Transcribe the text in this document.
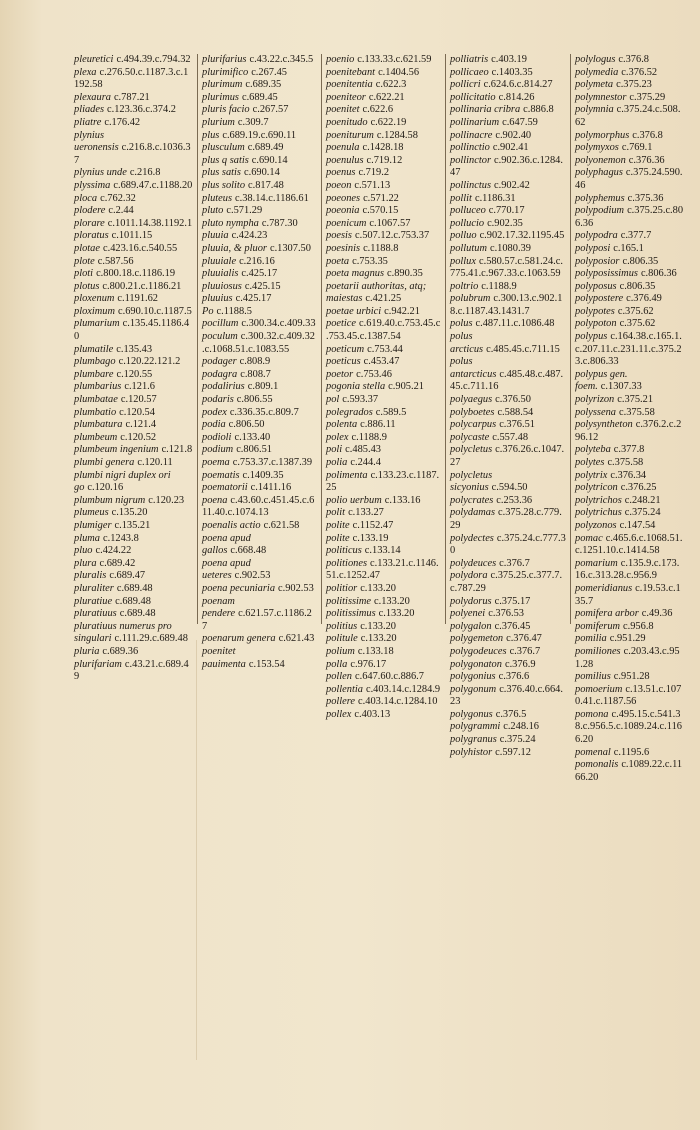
pleuretici c.494.39.c.794.32

plexa c.276.50.c.1187.3.c.1192.58

plexaura c.787.21

pliades c.123.36.c.374.2

pliatre c.176.42

plynius ueronensis c.216.8.c.1036.37

plynius unde c.216.8

plyssima c.689.47.c.1188.20

ploca c.762.32

plodere c.2.44

plorare c.1011.14.38.1192.1

ploratus c.1011.15

plotae c.423.16.c.540.55

plote c.587.56

ploti c.800.18.c.1186.19

plotus c.800.21.c.1186.21

ploxenum c.1191.62

ploximum c.690.10.c.1187.5

plumarium c.135.45.1186.40

plumatile c.135.43

plumbago c.120.22.121.2

plumbare c.120.55

plumbarius c.121.6

plumbatae c.120.57

plumbatio c.120.54

plumbatura c.121.4

plumbeum c.120.52

plumbeum ingenium c.121.8

plumbi genera c.120.11

plumbi nigri duplex ori go c.120.16

plumbum nigrum c.120.23

plumeus c.135.20

plumiger c.135.21

pluma c.1243.8

pluo c.424.22

plura c.689.42

pluralis c.689.47

pluraliter c.689.48

pluratiue c.689.48

pluratiuus c.689.48

pluratiuus numerus pro singulari c.111.29.c.689.48

pluria c.689.36

plurifariam c.43.21.c.689.49

plurifarius c.43.22.c.345.5

plurimifico c.267.45

plurimum c.689.35

plurimus c.689.45

pluris facio c.267.57

plurium c.309.7

plus c.689.19.c.690.11

plusculum c.689.49

plus q satis c.690.14

plus satis c.690.14

plus solito c.817.48

pluteus c.38.14.c.1186.61

pluto c.571.29

pluto nympha c.787.30

pluuia c.424.23

pluuia, & pluor c.1307.50

pluuiale c.216.16

pluuialis c.425.17

pluuiosus c.425.15

pluuius c.425.17

Po c.1188.5

pocillum c.300.34.c.409.33

poculum c.300.32.c.409.32.c.1068.51.c.1083.55

podager c.808.9

podagra c.808.7

podalirius c.809.1

podaris c.806.55

podex c.336.35.c.809.7

podia c.806.50

podioli c.133.40

podium c.806.51

poema c.753.37.c.1387.39

poematis c.1409.35

poematorii c.1411.16

poena c.43.60.c.451.45.c.611.40.c.1074.13

poenalis actio c.621.58

poena apud gallos c.668.48

poena apud ueteres c.902.53

poena pecuniaria c.902.53

poenam pendere c.621.57.c.1186.27

poenarum genera c.621.43

poenitet pauimenta c.153.54

poenio c.133.33.c.621.59

poenitebant c.1404.56

poenitentia c.622.3

poeniteor c.622.21

poenitet c.622.6

poenitudo c.622.19

poeniturum c.1284.58

poenula c.1428.18

poenulus c.719.12

poenus c.719.2

poeon c.571.13

poeones c.571.22

poeonia c.570.15

poenicum c.1067.57

poesis c.507.12.c.753.37

poesinis c.1188.8

poeta c.753.35

poeta magnus c.890.35

poetarii authoritas, atq; maiestas c.421.25

poetae urbici c.942.21

poetice c.619.40.c.753.45.c.753.45.c.1387.54

poeticum c.753.44

poeticus c.453.47

poetor c.753.46

pogonia stella c.905.21

pol c.593.37

polegrados c.589.5

polenta c.886.11

polex c.1188.9

poli c.485.43

polia c.244.4

polimenta c.133.23.c.1187.25

polio uerbum c.133.16

polit c.133.27

polite c.1152.47

polite c.133.19

politicus c.133.14

politiones c.133.21.c.1146.51.c.1252.47

politior c.133.20

politissime c.133.20

politissimus c.133.20

politius c.133.20

politule c.133.20

polium c.133.18

polla c.976.17

pollen c.647.60.c.886.7

pollentia c.403.14.c.1284.9

pollere c.403.14.c.1284.10

pollex c.403.13

polliatris c.403.19

pollicaeo c.1403.35

pollicri c.624.6.c.814.27

pollicitatio c.814.26

pollinaria cribra c.886.8

pollinarium c.647.59

pollinacre c.902.40

pollinctio c.902.41

pollinctor c.902.36.c.1284.47

pollinctus c.902.42

pollit c.1186.31

polluceo c.770.17

pollucio c.902.35

polluo c.902.17.32.1195.45

pollutum c.1080.39

pollux c.580.57.c.581.24.c.775.41.c.967.33.c.1063.59

poltrio c.1188.9

polubrum c.300.13.c.902.18.c.1187.43.1431.7

polus c.487.11.c.1086.48

polus arcticus c.485.45.c.711.15

polus antarcticus c.485.48.c.487.45.c.711.16

polyaegus c.376.50

polyboetes c.588.54

polycarpus c.376.51

polycaste c.557.48

polycletus c.376.26.c.1047.27

polycletus sicyonius c.594.50

polycrates c.253.36

polydamas c.375.28.c.779.29

polydectes c.375.24.c.777.30

polydeuces c.376.7

polydora c.375.25.c.377.7.c.787.29

polydorus c.375.17

polyenei c.376.53

polygalon c.376.45

polygemeton c.376.47

polygodeuces c.376.7

polygonaton c.376.9

polygonius c.376.6

polygonum c.376.40.c.664.23

polygonus c.376.5

polygrammi c.248.16

polygranus c.375.24

polyhistor c.597.12

polylogus c.376.8

polymedia c.376.52

polymeta c.375.23

polymnestor c.375.29

polymnia c.375.24.c.508.62

polymorphus c.376.8

polymyxos c.769.1

polyonemon c.376.36

polyphagus c.375.24.590.46

polyphemus c.375.36

polypodium c.375.25.c.806.36

polypodra c.377.7

polyposi c.165.1

polyposior c.806.35

polyposissimus c.806.36

polyposus c.806.35

polypostere c.376.49

polypotes c.375.62

polypoton c.375.62

polypus c.164.38.c.165.1.c.207.11.c.231.11.c.375.23.c.806.33

polypus gen. foem. c.1307.33

polyrizon c.375.21

polyssena c.375.58

polysyntheton c.376.2.c.296.12

polyteba c.377.8

polytes c.375.58

polytrix c.376.34

polytricon c.376.25

polytrichos c.248.21

polytrichus c.375.24

polyzonos c.147.54

pomac c.465.6.c.1068.51.c.1251.10.c.1414.58

pomarium c.135.9.c.173.16.c.313.28.c.956.9

pomeridianus c.19.53.c.135.7

pomifera arbor c.49.36

pomiferum c.956.8

pomilia c.951.29

pomiliones c.203.43.c.951.28

pomilius c.951.28

pomoerium c.13.51.c.1070.41.c.1187.56

pomona c.495.15.c.541.38.c.956.5.c.1089.24.c.1166.20

pomenal c.1195.6

pomonalis c.1089.22.c.1166.20
